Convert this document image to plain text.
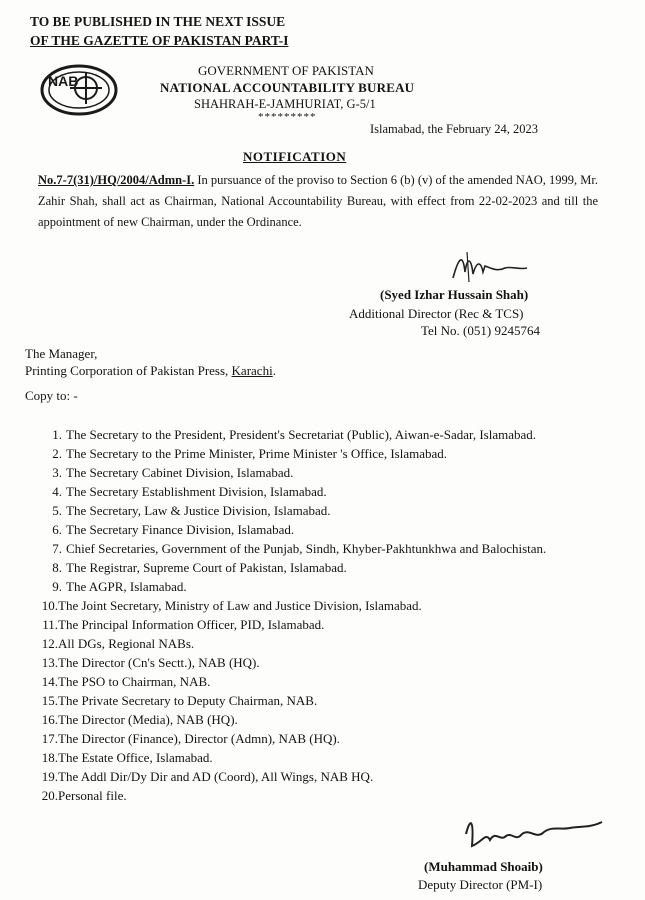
TO BE PUBLISHED IN THE NEXT ISSUE
OF THE GAZETTE OF PAKISTAN PART-I
NAB
GOVERNMENT OF PAKISTAN
NATIONAL ACCOUNTABILITY BUREAU
SHAHRAH-E-JAMHURIAT, G-5/1
*********
Islamabad, the February 24, 2023
NOTIFICATION
No.7-7(31)/HQ/2004/Admn-I. In pursuance of the proviso to Section 6 (b) (v) of the amended NAO, 1999, Mr. Zahir Shah, shall act as Chairman, National Accountability Bureau, with effect from 22-02-2023 and till the appointment of new Chairman, under the Ordinance.
(Syed Izhar Hussain Shah)
Additional Director (Rec & TCS)
Tel No. (051) 9245764
The Manager,
Printing Corporation of Pakistan Press, Karachi.
Copy to: -
1. The Secretary to the President, President's Secretariat (Public), Aiwan-e-Sadar, Islamabad.
2. The Secretary to the Prime Minister, Prime Minister 's Office, Islamabad.
3. The Secretary Cabinet Division, Islamabad.
4. The Secretary Establishment Division, Islamabad.
5. The Secretary, Law & Justice Division, Islamabad.
6. The Secretary Finance Division, Islamabad.
7. Chief Secretaries, Government of the Punjab, Sindh, Khyber-Pakhtunkhwa and Balochistan.
8. The Registrar, Supreme Court of Pakistan, Islamabad.
9. The AGPR, Islamabad.
10. The Joint Secretary, Ministry of Law and Justice Division, Islamabad.
11. The Principal Information Officer, PID, Islamabad.
12. All DGs, Regional NABs.
13. The Director (Cn's Sectt.), NAB (HQ).
14. The PSO to Chairman, NAB.
15. The Private Secretary to Deputy Chairman, NAB.
16. The Director (Media), NAB (HQ).
17. The Director (Finance), Director (Admn), NAB (HQ).
18. The Estate Office, Islamabad.
19. The Addl Dir/Dy Dir and AD (Coord), All Wings, NAB HQ.
20. Personal file.
(Muhammad Shoaib)
Deputy Director (PM-I)
